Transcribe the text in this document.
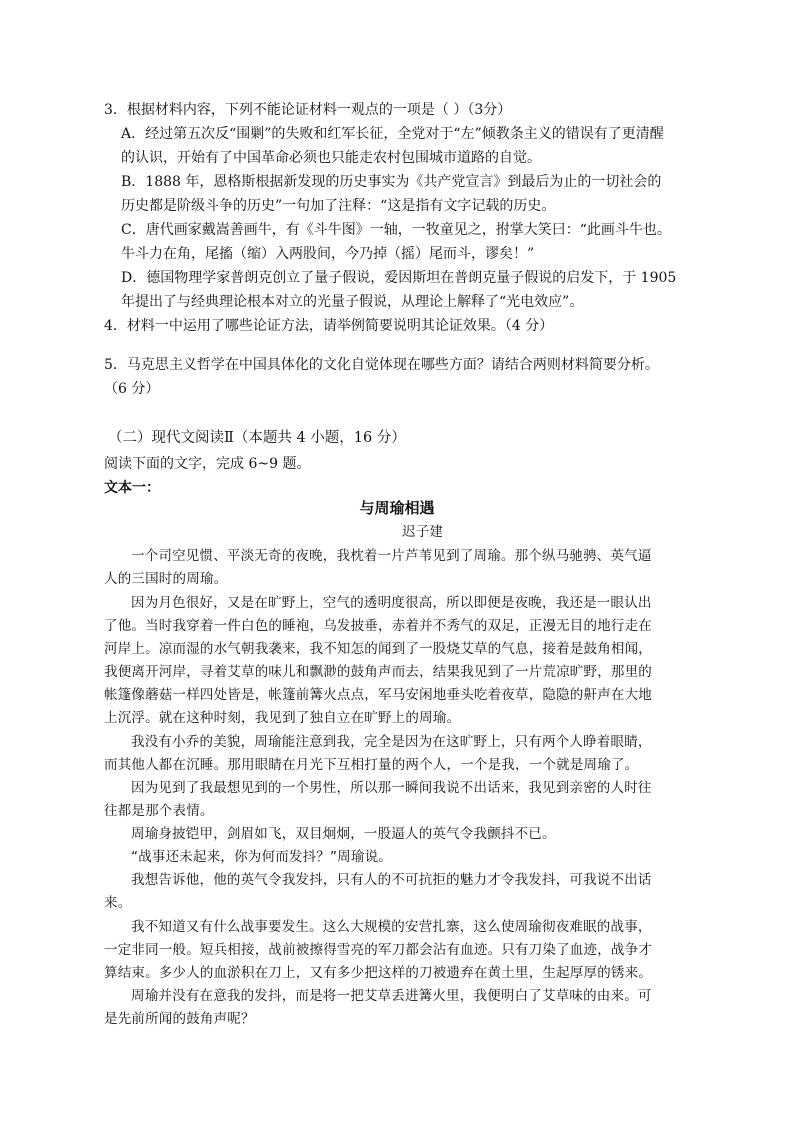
3．根据材料内容，下列不能论证材料一观点的一项是（ ）（3分）
A．经过第五次反“围剿”的失败和红军长征，全党对于“左”倾教条主义的错误有了更清醒
的认识，开始有了中国革命必须也只能走农村包围城市道路的自觉。
B．1888 年，恩格斯根据新发现的历史事实为《共产党宣言》到最后为止的一切社会的
历史都是阶级斗争的历史”一句加了注释：“这是指有文字记载的历史。
C．唐代画家戴嵩善画牛，有《斗牛图》一轴，一牧童见之，拊掌大笑曰：“此画斗牛也。
牛斗力在角，尾搐（缩）入两股间，今乃掉（摇）尾而斗，谬矣！”
D．德国物理学家普朗克创立了量子假说，爱因斯坦在普朗克量子假说的启发下，于 1905
年提出了与经典理论根本对立的光量子假说，从理论上解释了“光电效应”。
4．材料一中运用了哪些论证方法，请举例简要说明其论证效果。（4 分）
5．马克思主义哲学在中国具体化的文化自觉体现在哪些方面？请结合两则材料简要分析。
（6 分）
（二）现代文阅读Ⅱ（本题共 4 小题，16 分）
阅读下面的文字，完成 6~9 题。
文本一：
与周瑜相遇
迟子建
一个司空见惯、平淡无奇的夜晚，我枕着一片芦苇见到了周瑜。那个纵马驰骋、英气逼
人的三国时的周瑜。
因为月色很好，又是在旷野上，空气的透明度很高，所以即便是夜晚，我还是一眼认出
了他。当时我穿着一件白色的睡袍，乌发披垂，赤着并不秀气的双足，正漫无目的地行走在
河岸上。凉而湿的水气朝我袭来，我不知怎的闻到了一股烧艾草的气息，接着是鼓角相闻，
我便离开河岸，寻着艾草的味儿和飘渺的鼓角声而去，结果我见到了一片荒凉旷野，那里的
帐篷像蘑菇一样四处皆是，帐篷前篝火点点，军马安闲地垂头吃着夜草，隐隐的鼾声在大地
上沉浮。就在这种时刻，我见到了独自立在旷野上的周瑜。
我没有小乔的美貌，周瑜能注意到我，完全是因为在这旷野上，只有两个人睁着眼睛，
而其他人都在沉睡。那用眼睛在月光下互相打量的两个人，一个是我，一个就是周瑜了。
因为见到了我最想见到的一个男性，所以那一瞬间我说不出话来，我见到亲密的人时往
往都是那个表情。
周瑜身披铠甲，剑眉如飞，双目炯炯，一股逼人的英气令我颤抖不已。
“战事还未起来，你为何而发抖？”周瑜说。
我想告诉他，他的英气令我发抖，只有人的不可抗拒的魅力才令我发抖，可我说不出话
来。
我不知道又有什么战事要发生。这么大规模的安营扎寨，这么使周瑜彻夜难眠的战事，
一定非同一般。短兵相接，战前被擦得雪亮的军刀都会沾有血迹。只有刀染了血迹，战争才
算结束。多少人的血淤积在刀上，又有多少把这样的刀被遗弃在黄土里，生起厚厚的锈来。
周瑜并没有在意我的发抖，而是将一把艾草丢进篝火里，我便明白了艾草味的由来。可
是先前所闻的鼓角声呢？
